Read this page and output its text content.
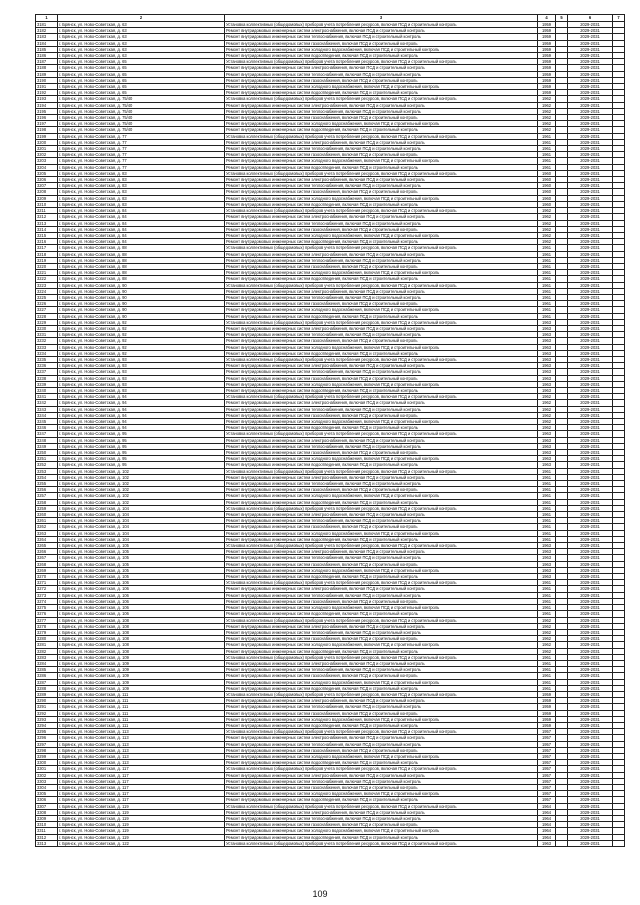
1	2	3	4	5	6	7
3181	г. Брянск, ул. Ново-Советская, д. 63	Установка коллективных (общедомовых) приборов учета потребления ресурсов, включая ПСД и строительный контроль	1959		2029-2031	
3182	г. Брянск, ул. Ново-Советская, д. 63	Ремонт внутридомовых инженерных систем электроснабжения, включая ПСД и строительный контроль	1959		2029-2031	
3183	г. Брянск, ул. Ново-Советская, д. 63	Ремонт внутридомовых инженерных систем теплоснабжения, включая ПСД и строительный контроль	1959		2029-2031	
3184	г. Брянск, ул. Ново-Советская, д. 63	Ремонт внутридомовых инженерных систем газоснабжения, включая ПСД и строительный контроль	1959		2029-2031	
3185	г. Брянск, ул. Ново-Советская, д. 63	Ремонт внутридомовых инженерных систем холодного водоснабжения, включая ПСД и строительный контроль	1959		2029-2031	
3186	г. Брянск, ул. Ново-Советская, д. 63	Ремонт внутридомовых инженерных систем водоотведения, включая ПСД и строительный контроль	1959		2029-2031	
3187	г. Брянск, ул. Ново-Советская, д. 65	Установка коллективных (общедомовых) приборов учета потребления ресурсов, включая ПСД и строительный контроль	1959		2029-2031	
3188	г. Брянск, ул. Ново-Советская, д. 65	Ремонт внутридомовых инженерных систем электроснабжения, включая ПСД и строительный контроль	1959		2029-2031	
3189	г. Брянск, ул. Ново-Советская, д. 65	Ремонт внутридомовых инженерных систем теплоснабжения, включая ПСД и строительный контроль	1959		2029-2031	
3190	г. Брянск, ул. Ново-Советская, д. 65	Ремонт внутридомовых инженерных систем газоснабжения, включая ПСД и строительный контроль	1959		2029-2031	
3191	г. Брянск, ул. Ново-Советская, д. 65	Ремонт внутридомовых инженерных систем холодного водоснабжения, включая ПСД и строительный контроль	1959		2029-2031	
3192	г. Брянск, ул. Ново-Советская, д. 65	Ремонт внутридомовых инженерных систем водоотведения, включая ПСД и строительный контроль	1959		2029-2031	
3193	г. Брянск, ул. Ново-Советская, д. 75/40	Установка коллективных (общедомовых) приборов учета потребления ресурсов, включая ПСД и строительный контроль	1962		2029-2031	
3194	г. Брянск, ул. Ново-Советская, д. 75/40	Ремонт внутридомовых инженерных систем электроснабжения, включая ПСД и строительный контроль	1962		2029-2031	
3195	г. Брянск, ул. Ново-Советская, д. 75/40	Ремонт внутридомовых инженерных систем теплоснабжения, включая ПСД и строительный контроль	1962		2029-2031	
3196	г. Брянск, ул. Ново-Советская, д. 75/40	Ремонт внутридомовых инженерных систем газоснабжения, включая ПСД и строительный контроль	1962		2029-2031	
3197	г. Брянск, ул. Ново-Советская, д. 75/40	Ремонт внутридомовых инженерных систем холодного водоснабжения, включая ПСД и строительный контроль	1962		2029-2031	
3198	г. Брянск, ул. Ново-Советская, д. 75/40	Ремонт внутридомовых инженерных систем водоотведения, включая ПСД и строительный контроль	1962		2029-2031	
3199	г. Брянск, ул. Ново-Советская, д. 77	Установка коллективных (общедомовых) приборов учета потребления ресурсов, включая ПСД и строительный контроль	1961		2029-2031	
3200	г. Брянск, ул. Ново-Советская, д. 77	Ремонт внутридомовых инженерных систем электроснабжения, включая ПСД и строительный контроль	1961		2029-2031	
3201	г. Брянск, ул. Ново-Советская, д. 77	Ремонт внутридомовых инженерных систем теплоснабжения, включая ПСД и строительный контроль	1961		2029-2031	
3202	г. Брянск, ул. Ново-Советская, д. 77	Ремонт внутридомовых инженерных систем газоснабжения, включая ПСД и строительный контроль	1961		2029-2031	
3203	г. Брянск, ул. Ново-Советская, д. 77	Ремонт внутридомовых инженерных систем холодного водоснабжения, включая ПСД и строительный контроль	1961		2029-2031	
3204	г. Брянск, ул. Ново-Советская, д. 77	Ремонт внутридомовых инженерных систем водоотведения, включая ПСД и строительный контроль	1961		2029-2031	
3205	г. Брянск, ул. Ново-Советская, д. 83	Установка коллективных (общедомовых) приборов учета потребления ресурсов, включая ПСД и строительный контроль	1960		2029-2031	
3206	г. Брянск, ул. Ново-Советская, д. 83	Ремонт внутридомовых инженерных систем электроснабжения, включая ПСД и строительный контроль	1960		2029-2031	
3207	г. Брянск, ул. Ново-Советская, д. 83	Ремонт внутридомовых инженерных систем теплоснабжения, включая ПСД и строительный контроль	1960		2029-2031	
3208	г. Брянск, ул. Ново-Советская, д. 83	Ремонт внутридомовых инженерных систем газоснабжения, включая ПСД и строительный контроль	1960		2029-2031	
3209	г. Брянск, ул. Ново-Советская, д. 83	Ремонт внутридомовых инженерных систем холодного водоснабжения, включая ПСД и строительный контроль	1960		2029-2031	
3210	г. Брянск, ул. Ново-Советская, д. 83	Ремонт внутридомовых инженерных систем водоотведения, включая ПСД и строительный контроль	1960		2029-2031	
3211	г. Брянск, ул. Ново-Советская, д. 84	Установка коллективных (общедомовых) приборов учета потребления ресурсов, включая ПСД и строительный контроль	1962		2029-2031	
3212	г. Брянск, ул. Ново-Советская, д. 84	Ремонт внутридомовых инженерных систем электроснабжения, включая ПСД и строительный контроль	1962		2029-2031	
3213	г. Брянск, ул. Ново-Советская, д. 84	Ремонт внутридомовых инженерных систем теплоснабжения, включая ПСД и строительный контроль	1962		2029-2031	
3214	г. Брянск, ул. Ново-Советская, д. 84	Ремонт внутридомовых инженерных систем газоснабжения, включая ПСД и строительный контроль	1962		2029-2031	
3215	г. Брянск, ул. Ново-Советская, д. 84	Ремонт внутридомовых инженерных систем холодного водоснабжения, включая ПСД и строительный контроль	1962		2029-2031	
3216	г. Брянск, ул. Ново-Советская, д. 84	Ремонт внутридомовых инженерных систем водоотведения, включая ПСД и строительный контроль	1962		2029-2031	
3217	г. Брянск, ул. Ново-Советская, д. 88	Установка коллективных (общедомовых) приборов учета потребления ресурсов, включая ПСД и строительный контроль	1961		2029-2031	
3218	г. Брянск, ул. Ново-Советская, д. 88	Ремонт внутридомовых инженерных систем электроснабжения, включая ПСД и строительный контроль	1961		2029-2031	
3219	г. Брянск, ул. Ново-Советская, д. 88	Ремонт внутридомовых инженерных систем теплоснабжения, включая ПСД и строительный контроль	1961		2029-2031	
3220	г. Брянск, ул. Ново-Советская, д. 88	Ремонт внутридомовых инженерных систем газоснабжения, включая ПСД и строительный контроль	1961		2029-2031	
3221	г. Брянск, ул. Ново-Советская, д. 88	Ремонт внутридомовых инженерных систем холодного водоснабжения, включая ПСД и строительный контроль	1961		2029-2031	
3222	г. Брянск, ул. Ново-Советская, д. 88	Ремонт внутридомовых инженерных систем водоотведения, включая ПСД и строительный контроль	1961		2029-2031	
3223	г. Брянск, ул. Ново-Советская, д. 90	Установка коллективных (общедомовых) приборов учета потребления ресурсов, включая ПСД и строительный контроль	1961		2029-2031	
3224	г. Брянск, ул. Ново-Советская, д. 90	Ремонт внутридомовых инженерных систем электроснабжения, включая ПСД и строительный контроль	1961		2029-2031	
3225	г. Брянск, ул. Ново-Советская, д. 90	Ремонт внутридомовых инженерных систем теплоснабжения, включая ПСД и строительный контроль	1961		2029-2031	
3226	г. Брянск, ул. Ново-Советская, д. 90	Ремонт внутридомовых инженерных систем газоснабжения, включая ПСД и строительный контроль	1961		2029-2031	
3227	г. Брянск, ул. Ново-Советская, д. 90	Ремонт внутридомовых инженерных систем холодного водоснабжения, включая ПСД и строительный контроль	1961		2029-2031	
3228	г. Брянск, ул. Ново-Советская, д. 90	Ремонт внутридомовых инженерных систем водоотведения, включая ПСД и строительный контроль	1961		2029-2031	
3229	г. Брянск, ул. Ново-Советская, д. 92	Установка коллективных (общедомовых) приборов учета потребления ресурсов, включая ПСД и строительный контроль	1963		2029-2031	
3230	г. Брянск, ул. Ново-Советская, д. 92	Ремонт внутридомовых инженерных систем электроснабжения, включая ПСД и строительный контроль	1963		2029-2031	
3231	г. Брянск, ул. Ново-Советская, д. 92	Ремонт внутридомовых инженерных систем теплоснабжения, включая ПСД и строительный контроль	1963		2029-2031	
3232	г. Брянск, ул. Ново-Советская, д. 92	Ремонт внутридомовых инженерных систем газоснабжения, включая ПСД и строительный контроль	1963		2029-2031	
3233	г. Брянск, ул. Ново-Советская, д. 92	Ремонт внутридомовых инженерных систем холодного водоснабжения, включая ПСД и строительный контроль	1963		2029-2031	
3234	г. Брянск, ул. Ново-Советская, д. 92	Ремонт внутридомовых инженерных систем водоотведения, включая ПСД и строительный контроль	1963		2029-2031	
3235	г. Брянск, ул. Ново-Советская, д. 93	Установка коллективных (общедомовых) приборов учета потребления ресурсов, включая ПСД и строительный контроль	1963		2029-2031	
3236	г. Брянск, ул. Ново-Советская, д. 93	Ремонт внутридомовых инженерных систем электроснабжения, включая ПСД и строительный контроль	1963		2029-2031	
3237	г. Брянск, ул. Ново-Советская, д. 93	Ремонт внутридомовых инженерных систем теплоснабжения, включая ПСД и строительный контроль	1963		2029-2031	
3238	г. Брянск, ул. Ново-Советская, д. 93	Ремонт внутридомовых инженерных систем газоснабжения, включая ПСД и строительный контроль	1963		2029-2031	
3239	г. Брянск, ул. Ново-Советская, д. 93	Ремонт внутридомовых инженерных систем холодного водоснабжения, включая ПСД и строительный контроль	1963		2029-2031	
3240	г. Брянск, ул. Ново-Советская, д. 93	Ремонт внутридомовых инженерных систем водоотведения, включая ПСД и строительный контроль	1963		2029-2031	
3241	г. Брянск, ул. Ново-Советская, д. 94	Установка коллективных (общедомовых) приборов учета потребления ресурсов, включая ПСД и строительный контроль	1962		2029-2031	
3242	г. Брянск, ул. Ново-Советская, д. 94	Ремонт внутридомовых инженерных систем электроснабжения, включая ПСД и строительный контроль	1962		2029-2031	
3243	г. Брянск, ул. Ново-Советская, д. 94	Ремонт внутридомовых инженерных систем теплоснабжения, включая ПСД и строительный контроль	1962		2029-2031	
3244	г. Брянск, ул. Ново-Советская, д. 94	Ремонт внутридомовых инженерных систем газоснабжения, включая ПСД и строительный контроль	1962		2029-2031	
3245	г. Брянск, ул. Ново-Советская, д. 94	Ремонт внутридомовых инженерных систем холодного водоснабжения, включая ПСД и строительный контроль	1962		2029-2031	
3246	г. Брянск, ул. Ново-Советская, д. 94	Ремонт внутридомовых инженерных систем водоотведения, включая ПСД и строительный контроль	1962		2029-2031	
3247	г. Брянск, ул. Ново-Советская, д. 95	Установка коллективных (общедомовых) приборов учета потребления ресурсов, включая ПСД и строительный контроль	1963		2029-2031	
3248	г. Брянск, ул. Ново-Советская, д. 95	Ремонт внутридомовых инженерных систем электроснабжения, включая ПСД и строительный контроль	1963		2029-2031	
3249	г. Брянск, ул. Ново-Советская, д. 95	Ремонт внутридомовых инженерных систем теплоснабжения, включая ПСД и строительный контроль	1963		2029-2031	
3250	г. Брянск, ул. Ново-Советская, д. 95	Ремонт внутридомовых инженерных систем газоснабжения, включая ПСД и строительный контроль	1963		2029-2031	
3251	г. Брянск, ул. Ново-Советская, д. 95	Ремонт внутридомовых инженерных систем холодного водоснабжения, включая ПСД и строительный контроль	1963		2029-2031	
3252	г. Брянск, ул. Ново-Советская, д. 95	Ремонт внутридомовых инженерных систем водоотведения, включая ПСД и строительный контроль	1963		2029-2031	
3253	г. Брянск, ул. Ново-Советская, д. 102	Установка коллективных (общедомовых) приборов учета потребления ресурсов, включая ПСД и строительный контроль	1961		2029-2031	
3254	г. Брянск, ул. Ново-Советская, д. 102	Ремонт внутридомовых инженерных систем электроснабжения, включая ПСД и строительный контроль	1961		2029-2031	
3255	г. Брянск, ул. Ново-Советская, д. 102	Ремонт внутридомовых инженерных систем теплоснабжения, включая ПСД и строительный контроль	1961		2029-2031	
3256	г. Брянск, ул. Ново-Советская, д. 102	Ремонт внутридомовых инженерных систем газоснабжения, включая ПСД и строительный контроль	1961		2029-2031	
3257	г. Брянск, ул. Ново-Советская, д. 102	Ремонт внутридомовых инженерных систем холодного водоснабжения, включая ПСД и строительный контроль	1961		2029-2031	
3258	г. Брянск, ул. Ново-Советская, д. 102	Ремонт внутридомовых инженерных систем водоотведения, включая ПСД и строительный контроль	1961		2029-2031	
3259	г. Брянск, ул. Ново-Советская, д. 104	Установка коллективных (общедомовых) приборов учета потребления ресурсов, включая ПСД и строительный контроль	1961		2029-2031	
3260	г. Брянск, ул. Ново-Советская, д. 104	Ремонт внутридомовых инженерных систем электроснабжения, включая ПСД и строительный контроль	1961		2029-2031	
3261	г. Брянск, ул. Ново-Советская, д. 104	Ремонт внутридомовых инженерных систем теплоснабжения, включая ПСД и строительный контроль	1961		2029-2031	
3262	г. Брянск, ул. Ново-Советская, д. 104	Ремонт внутридомовых инженерных систем газоснабжения, включая ПСД и строительный контроль	1961		2029-2031	
3263	г. Брянск, ул. Ново-Советская, д. 104	Ремонт внутридомовых инженерных систем холодного водоснабжения, включая ПСД и строительный контроль	1961		2029-2031	
3264	г. Брянск, ул. Ново-Советская, д. 104	Ремонт внутридомовых инженерных систем водоотведения, включая ПСД и строительный контроль	1961		2029-2031	
3265	г. Брянск, ул. Ново-Советская, д. 105	Установка коллективных (общедомовых) приборов учета потребления ресурсов, включая ПСД и строительный контроль	1963		2029-2031	
3266	г. Брянск, ул. Ново-Советская, д. 105	Ремонт внутридомовых инженерных систем электроснабжения, включая ПСД и строительный контроль	1963		2029-2031	
3267	г. Брянск, ул. Ново-Советская, д. 105	Ремонт внутридомовых инженерных систем теплоснабжения, включая ПСД и строительный контроль	1963		2029-2031	
3268	г. Брянск, ул. Ново-Советская, д. 105	Ремонт внутридомовых инженерных систем газоснабжения, включая ПСД и строительный контроль	1963		2029-2031	
3269	г. Брянск, ул. Ново-Советская, д. 105	Ремонт внутридомовых инженерных систем холодного водоснабжения, включая ПСД и строительный контроль	1963		2029-2031	
3270	г. Брянск, ул. Ново-Советская, д. 105	Ремонт внутридомовых инженерных систем водоотведения, включая ПСД и строительный контроль	1963		2029-2031	
3271	г. Брянск, ул. Ново-Советская, д. 106	Установка коллективных (общедомовых) приборов учета потребления ресурсов, включая ПСД и строительный контроль	1961		2029-2031	
3272	г. Брянск, ул. Ново-Советская, д. 106	Ремонт внутридомовых инженерных систем электроснабжения, включая ПСД и строительный контроль	1961		2029-2031	
3273	г. Брянск, ул. Ново-Советская, д. 106	Ремонт внутридомовых инженерных систем теплоснабжения, включая ПСД и строительный контроль	1961		2029-2031	
3274	г. Брянск, ул. Ново-Советская, д. 106	Ремонт внутридомовых инженерных систем газоснабжения, включая ПСД и строительный контроль	1961		2029-2031	
3275	г. Брянск, ул. Ново-Советская, д. 106	Ремонт внутридомовых инженерных систем холодного водоснабжения, включая ПСД и строительный контроль	1961		2029-2031	
3276	г. Брянск, ул. Ново-Советская, д. 106	Ремонт внутридомовых инженерных систем водоотведения, включая ПСД и строительный контроль	1961		2029-2031	
3277	г. Брянск, ул. Ново-Советская, д. 108	Установка коллективных (общедомовых) приборов учета потребления ресурсов, включая ПСД и строительный контроль	1962		2029-2031	
3278	г. Брянск, ул. Ново-Советская, д. 108	Ремонт внутридомовых инженерных систем электроснабжения, включая ПСД и строительный контроль	1962		2029-2031	
3279	г. Брянск, ул. Ново-Советская, д. 108	Ремонт внутридомовых инженерных систем теплоснабжения, включая ПСД и строительный контроль	1962		2029-2031	
3280	г. Брянск, ул. Ново-Советская, д. 108	Ремонт внутридомовых инженерных систем газоснабжения, включая ПСД и строительный контроль	1962		2029-2031	
3281	г. Брянск, ул. Ново-Советская, д. 108	Ремонт внутридомовых инженерных систем холодного водоснабжения, включая ПСД и строительный контроль	1962		2029-2031	
3282	г. Брянск, ул. Ново-Советская, д. 108	Ремонт внутридомовых инженерных систем водоотведения, включая ПСД и строительный контроль	1962		2029-2031	
3283	г. Брянск, ул. Ново-Советская, д. 109	Установка коллективных (общедомовых) приборов учета потребления ресурсов, включая ПСД и строительный контроль	1961		2029-2031	
3284	г. Брянск, ул. Ново-Советская, д. 109	Ремонт внутридомовых инженерных систем электроснабжения, включая ПСД и строительный контроль	1961		2029-2031	
3285	г. Брянск, ул. Ново-Советская, д. 109	Ремонт внутридомовых инженерных систем теплоснабжения, включая ПСД и строительный контроль	1961		2029-2031	
3286	г. Брянск, ул. Ново-Советская, д. 109	Ремонт внутридомовых инженерных систем газоснабжения, включая ПСД и строительный контроль	1961		2029-2031	
3287	г. Брянск, ул. Ново-Советская, д. 109	Ремонт внутридомовых инженерных систем холодного водоснабжения, включая ПСД и строительный контроль	1961		2029-2031	
3288	г. Брянск, ул. Ново-Советская, д. 109	Ремонт внутридомовых инженерных систем водоотведения, включая ПСД и строительный контроль	1961		2029-2031	
3289	г. Брянск, ул. Ново-Советская, д. 111	Установка коллективных (общедомовых) приборов учета потребления ресурсов, включая ПСД и строительный контроль	1959		2029-2031	
3290	г. Брянск, ул. Ново-Советская, д. 111	Ремонт внутридомовых инженерных систем электроснабжения, включая ПСД и строительный контроль	1959		2029-2031	
3291	г. Брянск, ул. Ново-Советская, д. 111	Ремонт внутридомовых инженерных систем теплоснабжения, включая ПСД и строительный контроль	1959		2029-2031	
3292	г. Брянск, ул. Ново-Советская, д. 111	Ремонт внутридомовых инженерных систем газоснабжения, включая ПСД и строительный контроль	1959		2029-2031	
3293	г. Брянск, ул. Ново-Советская, д. 111	Ремонт внутридомовых инженерных систем холодного водоснабжения, включая ПСД и строительный контроль	1959		2029-2031	
3294	г. Брянск, ул. Ново-Советская, д. 111	Ремонт внутридомовых инженерных систем водоотведения, включая ПСД и строительный контроль	1959		2029-2031	
3295	г. Брянск, ул. Ново-Советская, д. 113	Установка коллективных (общедомовых) приборов учета потребления ресурсов, включая ПСД и строительный контроль	1957		2029-2031	
3296	г. Брянск, ул. Ново-Советская, д. 113	Ремонт внутридомовых инженерных систем электроснабжения, включая ПСД и строительный контроль	1957		2029-2031	
3297	г. Брянск, ул. Ново-Советская, д. 113	Ремонт внутридомовых инженерных систем теплоснабжения, включая ПСД и строительный контроль	1957		2029-2031	
3298	г. Брянск, ул. Ново-Советская, д. 113	Ремонт внутридомовых инженерных систем газоснабжения, включая ПСД и строительный контроль	1957		2029-2031	
3299	г. Брянск, ул. Ново-Советская, д. 113	Ремонт внутридомовых инженерных систем холодного водоснабжения, включая ПСД и строительный контроль	1957		2029-2031	
3300	г. Брянск, ул. Ново-Советская, д. 113	Ремонт внутридомовых инженерных систем водоотведения, включая ПСД и строительный контроль	1957		2029-2031	
3301	г. Брянск, ул. Ново-Советская, д. 117	Установка коллективных (общедомовых) приборов учета потребления ресурсов, включая ПСД и строительный контроль	1957		2029-2031	
3302	г. Брянск, ул. Ново-Советская, д. 117	Ремонт внутридомовых инженерных систем электроснабжения, включая ПСД и строительный контроль	1957		2029-2031	
3303	г. Брянск, ул. Ново-Советская, д. 117	Ремонт внутридомовых инженерных систем теплоснабжения, включая ПСД и строительный контроль	1957		2029-2031	
3304	г. Брянск, ул. Ново-Советская, д. 117	Ремонт внутридомовых инженерных систем газоснабжения, включая ПСД и строительный контроль	1957		2029-2031	
3305	г. Брянск, ул. Ново-Советская, д. 117	Ремонт внутридомовых инженерных систем холодного водоснабжения, включая ПСД и строительный контроль	1957		2029-2031	
3306	г. Брянск, ул. Ново-Советская, д. 117	Ремонт внутридомовых инженерных систем водоотведения, включая ПСД и строительный контроль	1957		2029-2031	
3307	г. Брянск, ул. Ново-Советская, д. 119	Установка коллективных (общедомовых) приборов учета потребления ресурсов, включая ПСД и строительный контроль	1964		2029-2031	
3308	г. Брянск, ул. Ново-Советская, д. 119	Ремонт внутридомовых инженерных систем электроснабжения, включая ПСД и строительный контроль	1964		2029-2031	
3309	г. Брянск, ул. Ново-Советская, д. 119	Ремонт внутридомовых инженерных систем теплоснабжения, включая ПСД и строительный контроль	1964		2029-2031	
3310	г. Брянск, ул. Ново-Советская, д. 119	Ремонт внутридомовых инженерных систем газоснабжения, включая ПСД и строительный контроль	1964		2029-2031	
3311	г. Брянск, ул. Ново-Советская, д. 119	Ремонт внутридомовых инженерных систем холодного водоснабжения, включая ПСД и строительный контроль	1964		2029-2031	
3312	г. Брянск, ул. Ново-Советская, д. 119	Ремонт внутридомовых инженерных систем водоотведения, включая ПСД и строительный контроль	1964		2029-2031	
3313	г. Брянск, ул. Ново-Советская, д. 122	Установка коллективных (общедомовых) приборов учета потребления ресурсов, включая ПСД и строительный контроль	1963		2029-2031	
109
